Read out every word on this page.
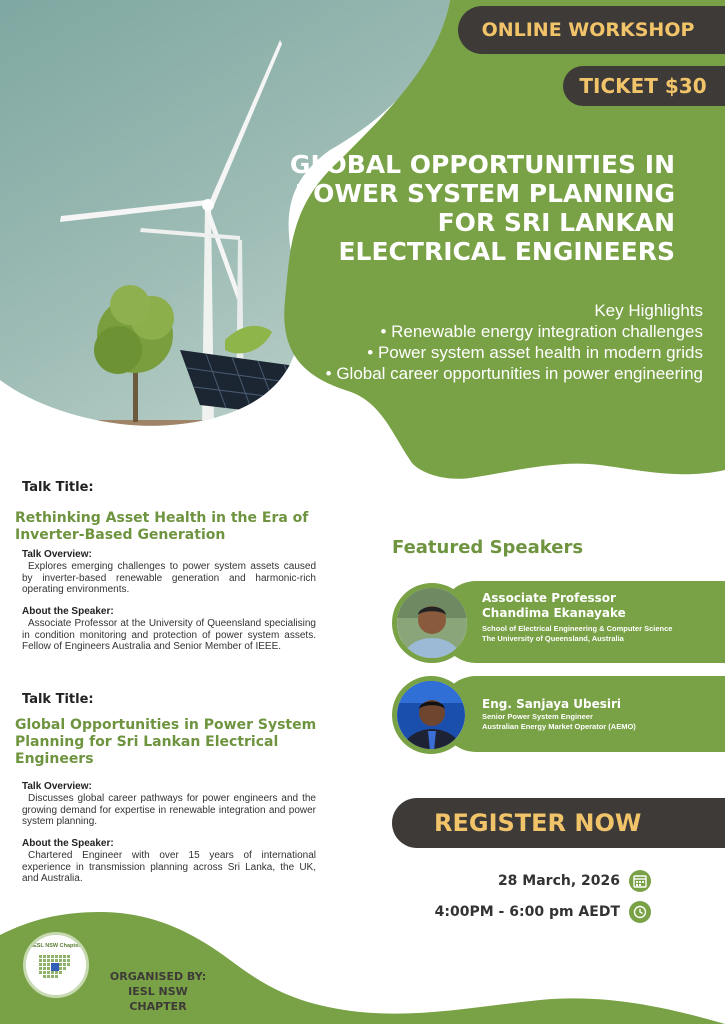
ONLINE WORKSHOP
TICKET $30
GLOBAL OPPORTUNITIES IN POWER SYSTEM PLANNING FOR SRI LANKAN ELECTRICAL ENGINEERS
Key Highlights
• Renewable energy integration challenges
• Power system asset health in modern grids
• Global career opportunities in power engineering
Talk Title:
Rethinking Asset Health in the Era of Inverter-Based Generation
Talk Overview:
Explores emerging challenges to power system assets caused by inverter-based renewable generation and harmonic-rich operating environments.
About the Speaker:
Associate Professor at the University of Queensland specialising in condition monitoring and protection of power system assets. Fellow of Engineers Australia and Senior Member of IEEE.
Talk Title:
Global Opportunities in Power System Planning for Sri Lankan Electrical Engineers
Talk Overview:
Discusses global career pathways for power engineers and the growing demand for expertise in renewable integration and power system planning.
About the Speaker:
Chartered Engineer with over 15 years of international experience in transmission planning across Sri Lanka, the UK, and Australia.
Featured Speakers
Associate Professor
Chandima Ekanayake
School of Electrical Engineering & Computer Science
The University of Queensland, Australia
Eng. Sanjaya Ubesiri
Senior Power System Engineer
Australian Energy Market Operator (AEMO)
REGISTER NOW
28 March, 2026
4:00PM - 6:00 pm AEDT
IESL NSW Chapter
ORGANISED BY:
IESL NSW CHAPTER
